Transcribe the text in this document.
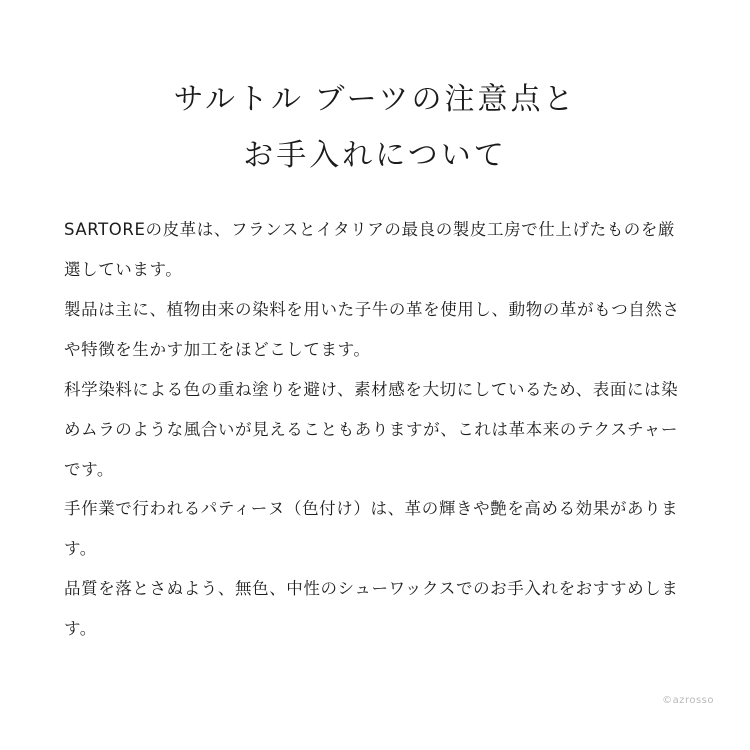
サルトル ブーツの注意点と
お手入れについて

SARTOREの皮革は、フランスとイタリアの最良の製皮工房で仕上げたものを厳選しています。

製品は主に、植物由来の染料を用いた子牛の革を使用し、動物の革がもつ自然さや特徴を生かす加工をほどこしてます。

科学染料による色の重ね塗りを避け、素材感を大切にしているため、表面には染めムラのような風合いが見えることもありますが、これは革本来のテクスチャーです。

手作業で行われるパティーヌ（色付け）は、革の輝きや艶を高める効果があります。

品質を落とさぬよう、無色、中性のシューワックスでのお手入れをおすすめします。

©azrosso
